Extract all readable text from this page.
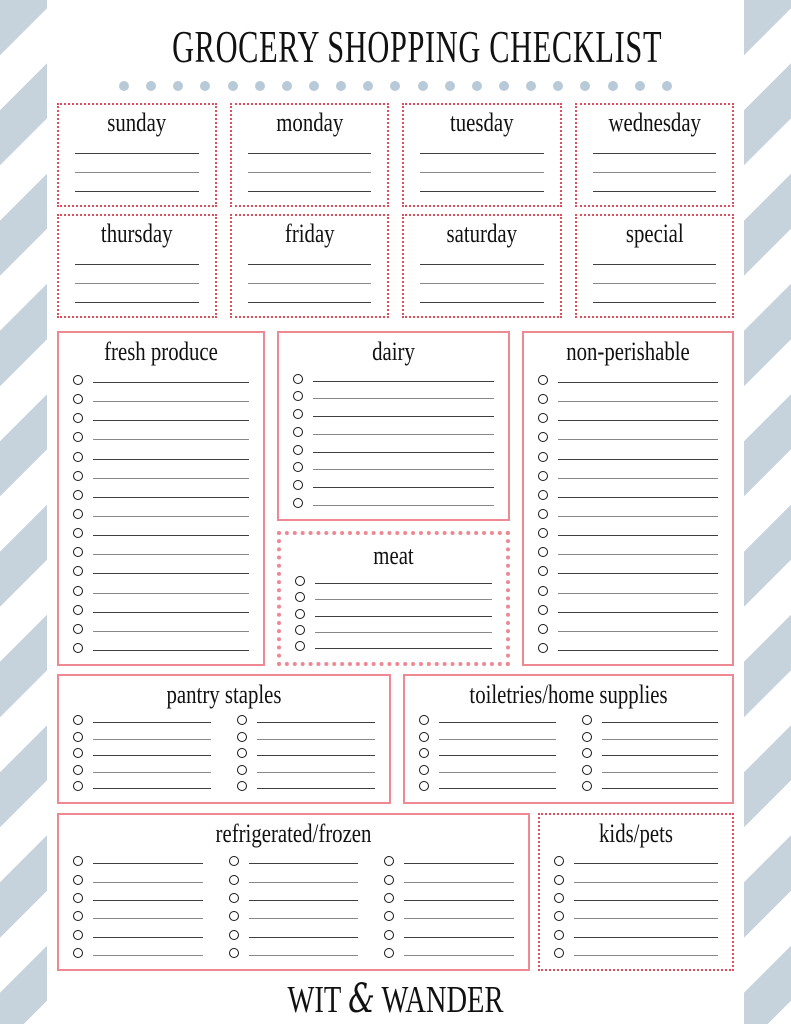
GROCERY SHOPPING CHECKLIST
sunday	monday	tuesday	wednesday
thursday	friday	saturday	special
fresh produce	dairy
meat
non-perishable
pantry staples	toiletries/home supplies
refrigerated/frozen	kids/pets
WIT & WANDER
